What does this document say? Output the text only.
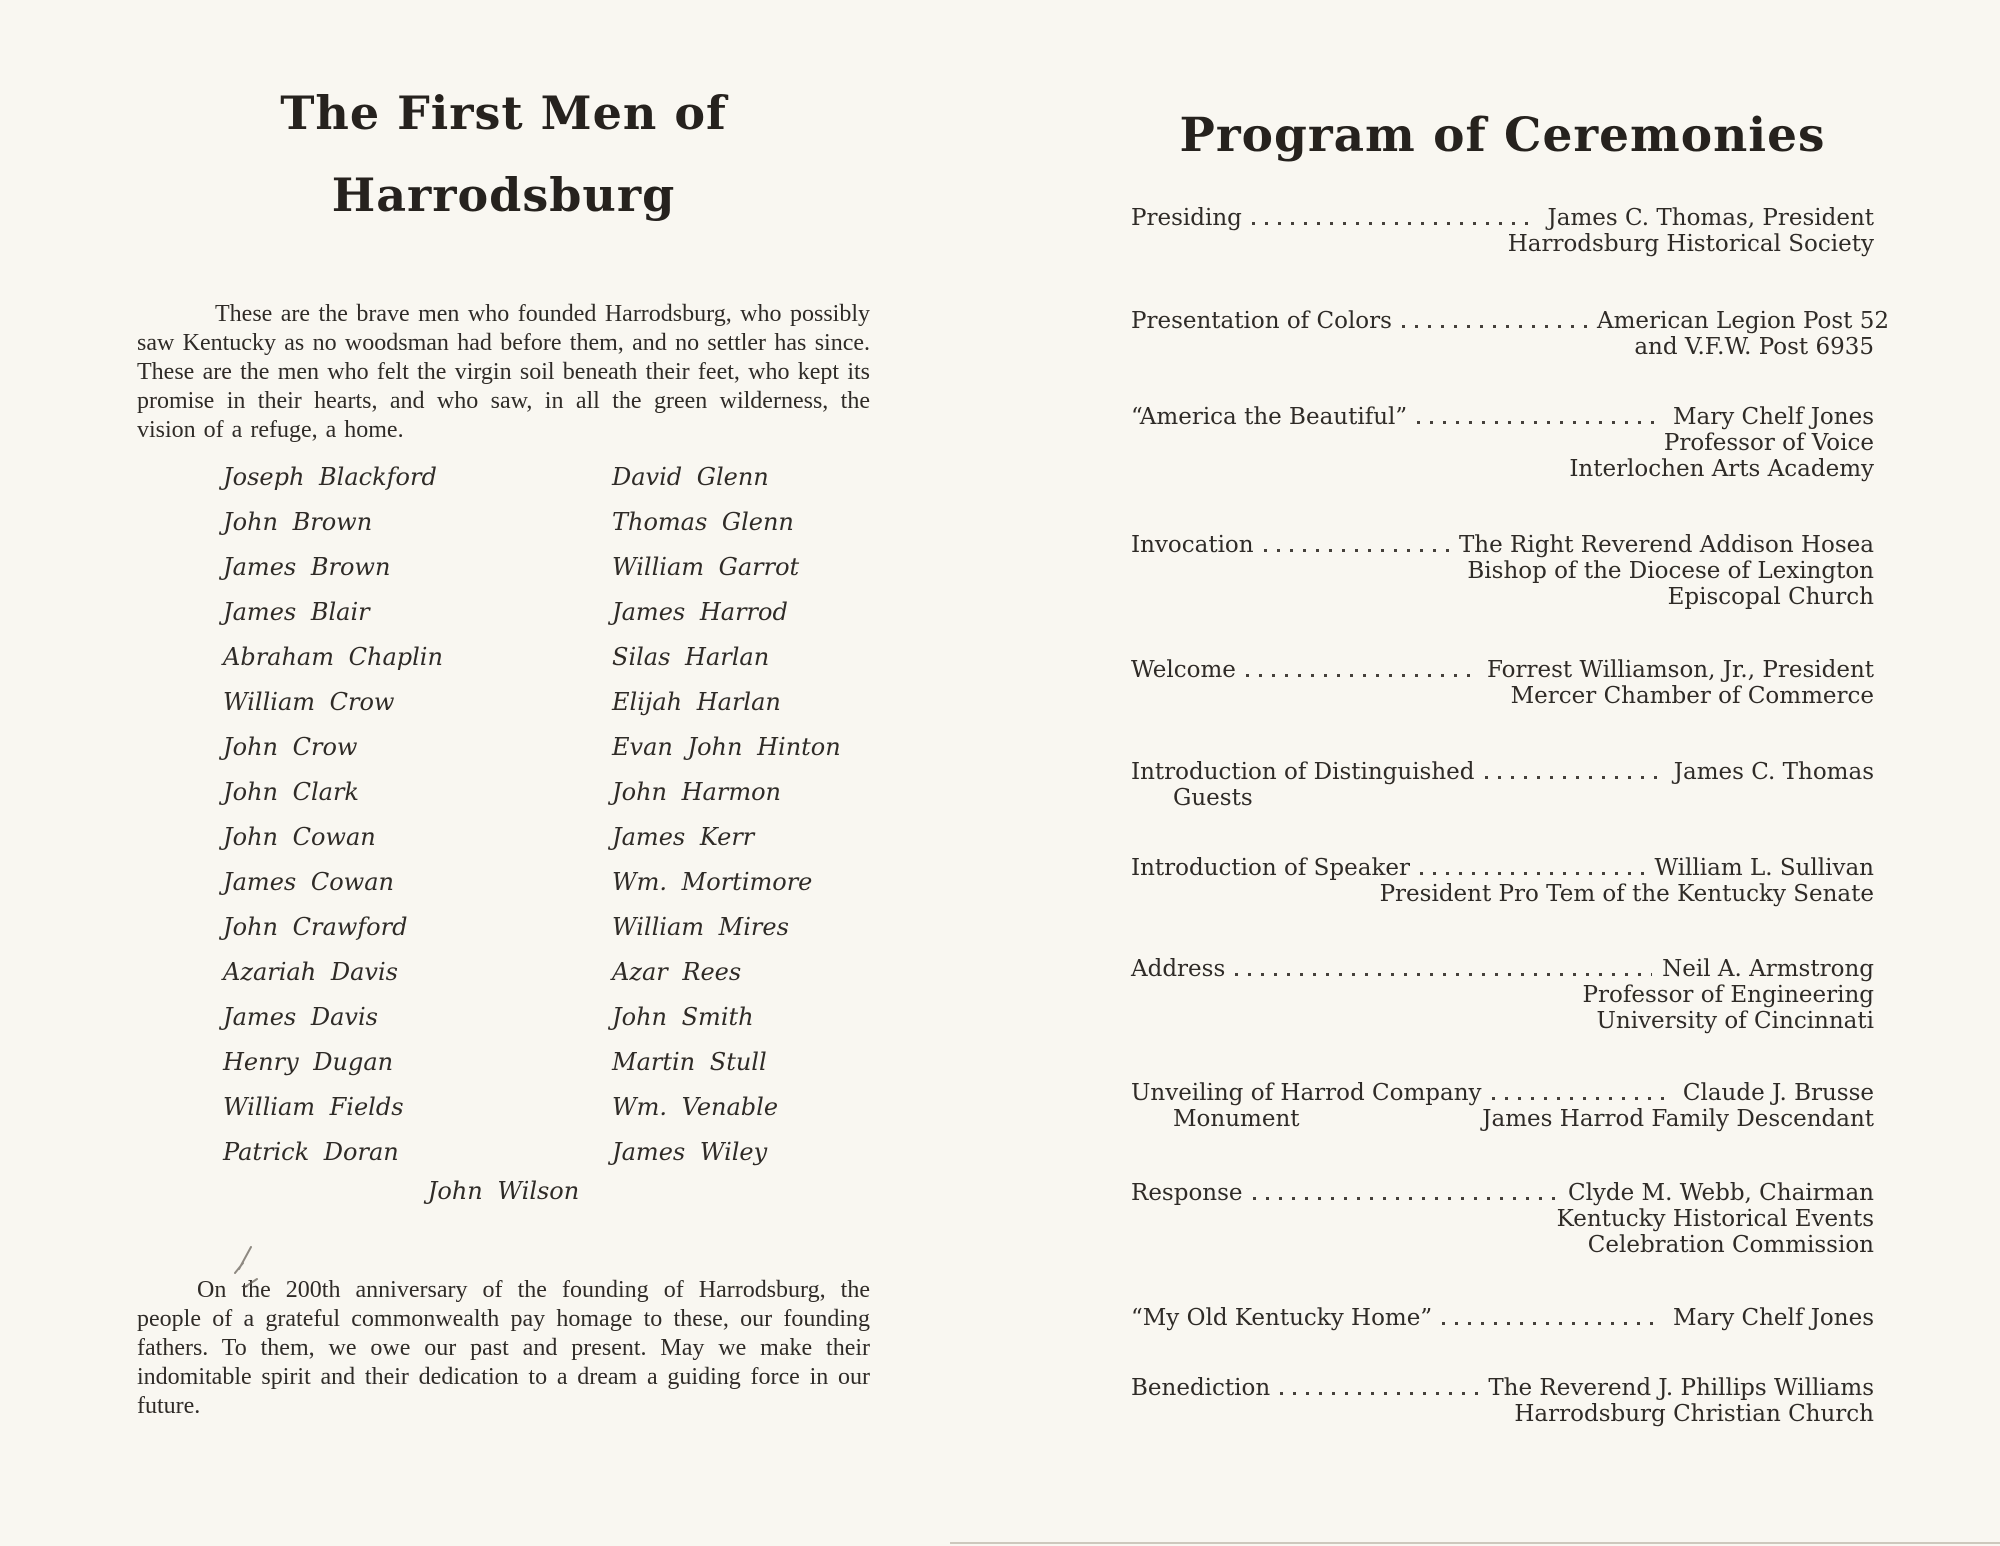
The First Men of
Harrodsburg

These are the brave men who founded Harrodsburg, who possibly saw Kentucky as no woodsman had before them, and no settler has since. These are the men who felt the virgin soil beneath their feet, who kept its promise in their hearts, and who saw, in all the green wilderness, the vision of a refuge, a home.

Joseph Blackford
John Brown
James Brown
James Blair
Abraham Chaplin
William Crow
John Crow
John Clark
John Cowan
James Cowan
John Crawford
Azariah Davis
James Davis
Henry Dugan
William Fields
Patrick Doran
David Glenn
Thomas Glenn
William Garrot
James Harrod
Silas Harlan
Elijah Harlan
Evan John Hinton
John Harmon
James Kerr
Wm. Mortimore
William Mires
Azar Rees
John Smith
Martin Stull
Wm. Venable
James Wiley
John Wilson

On the 200th anniversary of the founding of Harrodsburg, the people of a grateful commonwealth pay homage to these, our founding fathers. To them, we owe our past and present. May we make their indomitable spirit and their dedication to a dream a guiding force in our future.

Program of Ceremonies
Presiding	James C. Thomas, President
Harrodsburg Historical Society
Presentation of Colors	American Legion Post 52
and V.F.W. Post 6935
“America the Beautiful”	Mary Chelf Jones
Professor of Voice
Interlochen Arts Academy
Invocation	The Right Reverend Addison Hosea
Bishop of the Diocese of Lexington
Episcopal Church
Welcome	Forrest Williamson, Jr., President
Mercer Chamber of Commerce
Introduction of Distinguished	James C. Thomas
Guests
Introduction of Speaker	William L. Sullivan
President Pro Tem of the Kentucky Senate
Address	Neil A. Armstrong
Professor of Engineering
University of Cincinnati
Unveiling of Harrod Company	Claude J. Brusse
Monument	James Harrod Family Descendant
Response	Clyde M. Webb, Chairman
Kentucky Historical Events
Celebration Commission
“My Old Kentucky Home”	Mary Chelf Jones
Benediction	The Reverend J. Phillips Williams
Harrodsburg Christian Church
